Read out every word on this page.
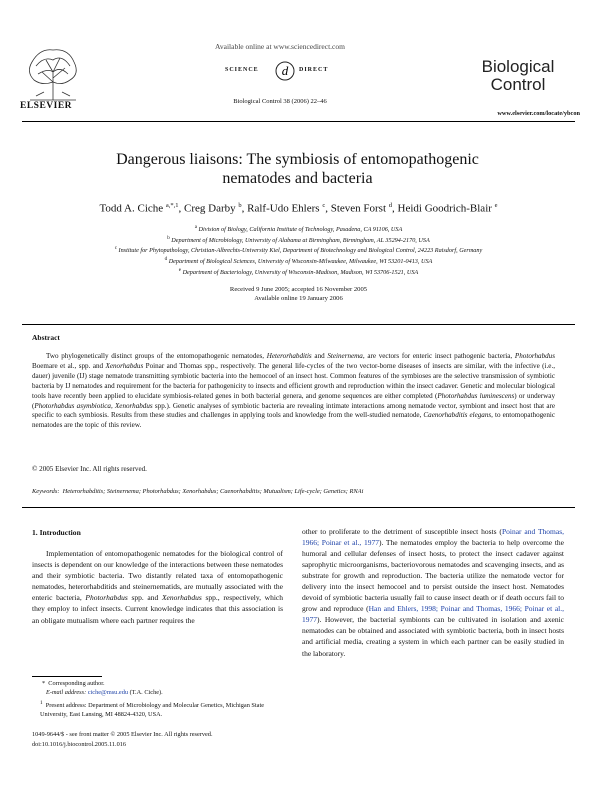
ELSEVIER
Available online at www.sciencedirect.com
d
SCIENCE	DIRECT
Biological Control 38 (2006) 22–46
Biological
Control
www.elsevier.com/locate/ybcon
Dangerous liaisons: The symbiosis of entomopathogenic
nematodes and bacteria
Todd A. Ciche $^{a,*,1}$, Creg Darby $^b$, Ralf-Udo Ehlers $^c$, Steven Forst $^d$, Heidi Goodrich-Blair $^e$
$^a$ Division of Biology, California Institute of Technology, Pasadena, CA 91106, USA
$^b$ Department of Microbiology, University of Alabama at Birmingham, Birmingham, AL 35294-2170, USA
$^c$ Institute for Phytopathology, Christian-Albrechts-University Kiel, Department of Biotechnology and Biological Control, 24223 Raisdorf, Germany
$^d$ Department of Biological Sciences, University of Wisconsin-Milwaukee, Milwaukee, WI 53201-0413, USA
$^e$ Department of Bacteriology, University of Wisconsin-Madison, Madison, WI 53706-1521, USA
Received 9 June 2005; accepted 16 November 2005
Available online 19 January 2006
Abstract
Two phylogenetically distinct groups of the entomopathogenic nematodes, Heterorhabditis and Steinernema, are vectors for enteric insect pathogenic bacteria, Photorhabdus Boemare et al., spp. and Xenorhabdus Poinar and Thomas spp., respectively. The general life-cycles of the two vector-borne diseases of insects are similar, with the infective (i.e., dauer) juvenile (IJ) stage nematode transmitting symbiotic bacteria into the hemocoel of an insect host. Common features of the symbioses are the selective transmission of symbiotic bacteria by IJ nematodes and requirement for the bacteria for pathogenicity to insects and efficient growth and reproduction within the insect cadaver. Genetic and molecular biological tools have recently been applied to elucidate symbiosis-related genes in both bacterial genera, and genome sequences are either completed (Photorhabdus luminescens) or underway (Photorhabdus asymbiotica, Xenorhabdus spp.). Genetic analyses of symbiotic bacteria are revealing intimate interactions among nematode vector, symbiont and insect host that are specific to each symbiosis. Results from these studies and challenges in applying tools and knowledge from the well-studied nematode, Caenorhabditis elegans, to entomopathogenic nematodes are the topic of this review.
© 2005 Elsevier Inc. All rights reserved.
Keywords: Heterorhabditis; Steinernema; Photorhabdus; Xenorhabdus; Caenorhabditis; Mutualism; Life-cycle; Genetics; RNAi
1. Introduction
Implementation of entomopathogenic nematodes for the biological control of insects is dependent on our knowledge of the interactions between these nematodes and their symbiotic bacteria. Two distantly related taxa of entomopathogenic nematodes, heterorhabditids and steinernematids, are mutually associated with the enteric bacteria, Photorhabdus spp. and Xenorhabdus spp., respectively, which they employ to infect insects. Current knowledge indicates that this association is an obligate mutualism where each partner requires the
other to proliferate to the detriment of susceptible insect hosts (Poinar and Thomas, 1966; Poinar et al., 1977). The nematodes employ the bacteria to help overcome the humoral and cellular defenses of insect hosts, to protect the insect cadaver against saprophytic microorganisms, bacteriovorous nematodes and scavenging insects, and as substrate for growth and reproduction. The bacteria utilize the nematode vector for delivery into the insect hemocoel and to persist outside the insect host. Nematodes devoid of symbiotic bacteria usually fail to cause insect death or if death occurs fail to grow and reproduce (Han and Ehlers, 1998; Poinar and Thomas, 1966; Poinar et al., 1977). However, the bacterial symbionts can be cultivated in isolation and axenic nematodes can be obtained and associated with symbiotic bacteria, both in insect hosts and artificial media, creating a system in which each partner can be easily studied in the laboratory.
*  Corresponding author.
E-mail address: ciche@msu.edu (T.A. Ciche).
$^1$ Present address: Department of Microbiology and Molecular Genetics, Michigan State University, East Lansing, MI 48824-4320, USA.
1049-9644/$ - see front matter © 2005 Elsevier Inc. All rights reserved.
doi:10.1016/j.biocontrol.2005.11.016
